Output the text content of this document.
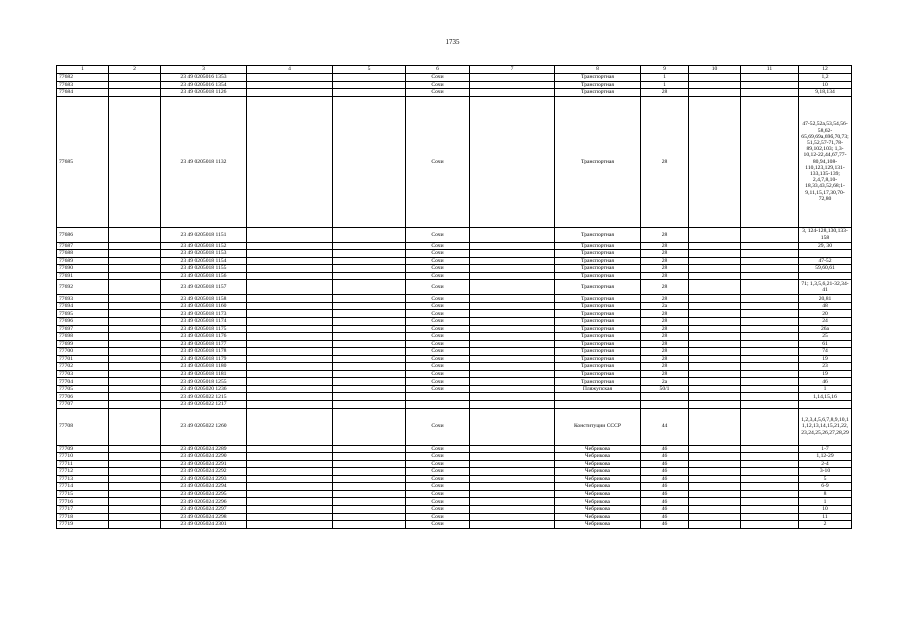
1735
1	2	3	4	5	6	7	8	9	10	11	12
77682		23 49 0205016 1353			Сочи		Транспортная	1			1,2
77683		23 49 0205016 1354			Сочи		Транспортная	1			10
77684		23 49 0205018 1126			Сочи		Транспортная	28			9,18,134
77685		23 49 0205018 1132			Сочи		Транспортная	28			47-52,52а,53,54,56-58,62-65,69,69а,69б,70,73; 51,52,57-71,78-89,102,103; 1,3-10,12-22,44,67,77-80,94,108-110,123,129,131-133,135-139; 2,4,7,8,10-18,33,43,52,68;1-9,11,15,17,30,70-72,80
77686		23 49 0205018 1151			Сочи		Транспортная	28			3, 124-128,130,133-158
77687		23 49 0205018 1152			Сочи		Транспортная	28			29, 30
77688		23 49 0205018 1153			Сочи		Транспортная	28			
77689		23 49 0205018 1154			Сочи		Транспортная	28			47-52
77690		23 49 0205018 1155			Сочи		Транспортная	28			59,60,61
77691		23 49 0205018 1156			Сочи		Транспортная	28			
77692		23 49 0205018 1157			Сочи		Транспортная	28			71; 1,3,5,6,21-32,34-41
77693		23 49 0205018 1158			Сочи		Транспортная	28			20,81
77694		23 49 0205018 1160			Сочи		Транспортная	2а			48
77695		23 49 0205018 1173			Сочи		Транспортная	28			20
77696		23 49 0205018 1174			Сочи		Транспортная	28			24
77697		23 49 0205018 1175			Сочи		Транспортная	28			26а
77698		23 49 0205018 1176			Сочи		Транспортная	28			25
77699		23 49 0205018 1177			Сочи		Транспортная	28			61
77700		23 49 0205018 1178			Сочи		Транспортная	28			74
77701		23 49 0205018 1179			Сочи		Транспортная	28			19
77702		23 49 0205018 1180			Сочи		Транспортная	28			23
77703		23 49 0205018 1181			Сочи		Транспортная	28			19
77704		23 49 0205018 1255			Сочи		Транспортная	2а			46
77705		23 49 0205020 1236			Сочи		Пляжупская	50/1			1
77706		23 49 0205022 1215									1,14,15,16
77707		23 49 0205022 1217									
77708		23 49 0205022 1260			Сочи		Конституции СССР	44			1,2,3,4,5,6,7,8,9,10,11,12,13,14,15,21,22,23,24,25,26,27,28,29
77709		23 49 0205024 2289			Сочи		Чебрикова	46			1-7
77710		23 49 0205024 2290			Сочи		Чебрикова	46			1,12-29
77711		23 49 0205024 2291			Сочи		Чебрикова	46			2-4
77712		23 49 0205024 2292			Сочи		Чебрикова	46			3-10
77713		23 49 0205024 2293			Сочи		Чебрикова	46			5
77714		23 49 0205024 2294			Сочи		Чебрикова	46			6-9
77715		23 49 0205024 2295			Сочи		Чебрикова	46			8
77716		23 49 0205024 2296			Сочи		Чебрикова	46			1
77717		23 49 0205024 2297			Сочи		Чебрикова	46			10
77718		23 49 0205024 2298			Сочи		Чебрикова	46			11
77719		23 49 0205024 2301			Сочи		Чебрикова	46			2
